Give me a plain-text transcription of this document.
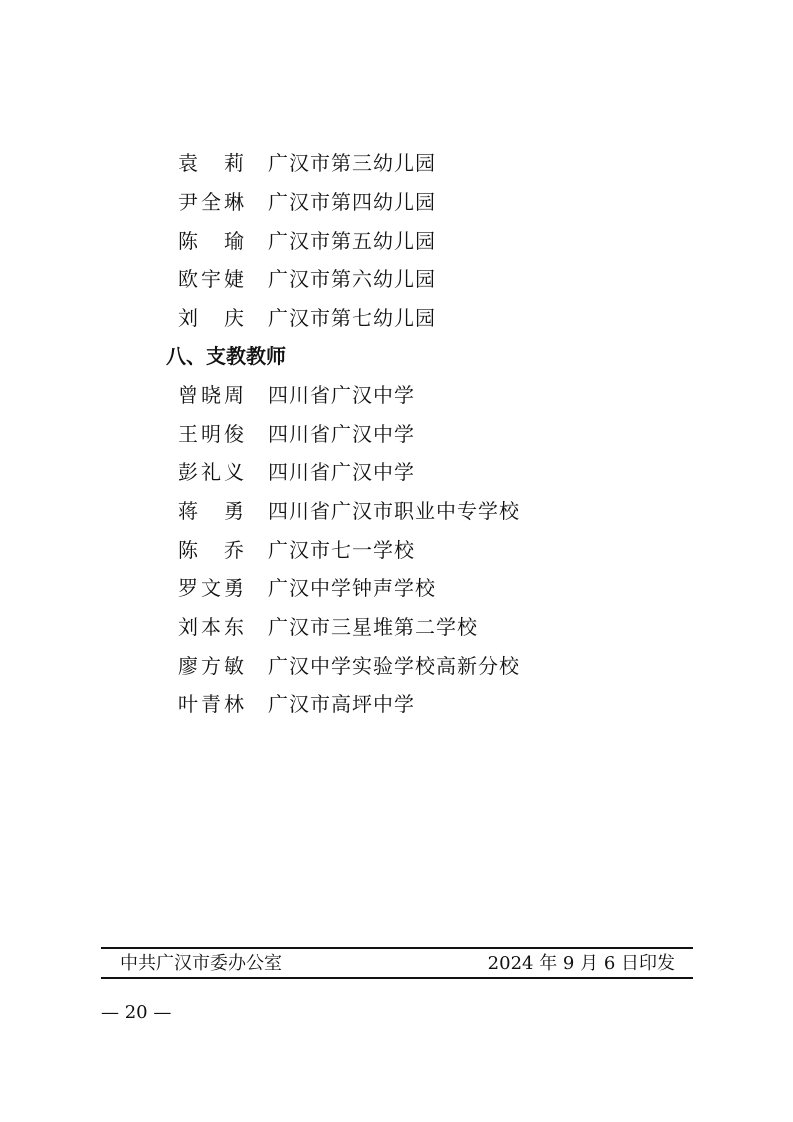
袁　莉 广汉市第三幼儿园
尹全琳 广汉市第四幼儿园
陈　瑜 广汉市第五幼儿园
欧宇婕 广汉市第六幼儿园
刘　庆 广汉市第七幼儿园
八、支教教师
曾晓周 四川省广汉中学
王明俊 四川省广汉中学
彭礼义 四川省广汉中学
蒋　勇 四川省广汉市职业中专学校
陈　乔 广汉市七一学校
罗文勇 广汉中学钟声学校
刘本东 广汉市三星堆第二学校
廖方敏 广汉中学实验学校高新分校
叶青林 广汉市高坪中学
中共广汉市委办公室	2024 年 9 月 6 日印发
— 20 —
